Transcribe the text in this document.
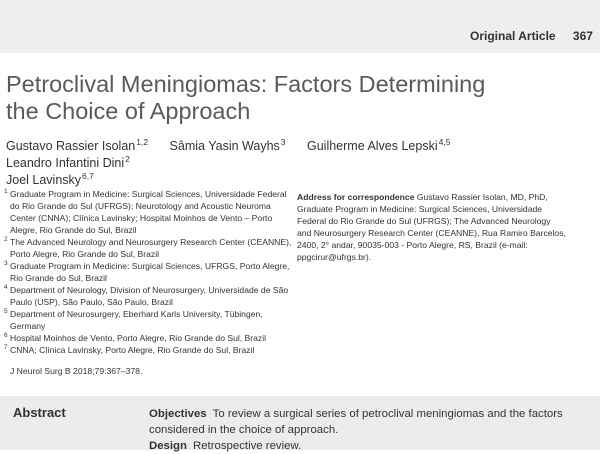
Original Article 367
Petroclival Meningiomas: Factors Determining
the Choice of Approach
Gustavo Rassier Isolan$^{1,2}$ Sâmia Yasin Wayhs$^3$ Guilherme Alves Lepski$^{4,5}$ Leandro Infantini Dini$^2$
Joel Lavinsky$^{6,7}$
1 Graduate Program in Medicine: Surgical Sciences, Universidade Federal do Rio Grande do Sul (UFRGS); Neurotology and Acoustic Neuroma Center (CNNA); Clínica Lavinsky; Hospital Moinhos de Vento – Porto Alegre, Rio Grande do Sul, Brazil
2 The Advanced Neurology and Neurosurgery Research Center (CEANNE), Porto Alegre, Rio Grande do Sul, Brazil
3 Graduate Program in Medicine: Surgical Sciences, UFRGS, Porto Alegre, Rio Grande do Sul, Brazil
4 Department of Neurology, Division of Neurosurgery, Universidade de São Paulo (USP), São Paulo, São Paulo, Brazil
5 Department of Neurosurgery, Eberhard Karls University, Tübingen, Germany
6 Hospital Moinhos de Vento, Porto Alegre, Rio Grande do Sul, Brazil
7 CNNA; Clínica Lavinsky, Porto Alegre, Rio Grande do Sul, Brazil
J Neurol Surg B 2018;79:367–378.
Address for correspondence Gustavo Rassier Isolan, MD, PhD, Graduate Program in Medicine: Surgical Sciences, Universidade Federal do Rio Grande do Sul (UFRGS); The Advanced Neurology and Neurosurgery Research Center (CEANNE), Rua Ramiro Barcelos, 2400, 2° andar, 90035-003 - Porto Alegre, RS, Brazil (e-mail: ppgcirur@ufrgs.br).
Abstract	Objectives To review a surgical series of petroclival meningiomas and the factors considered in the choice of approach.
Design Retrospective review.
